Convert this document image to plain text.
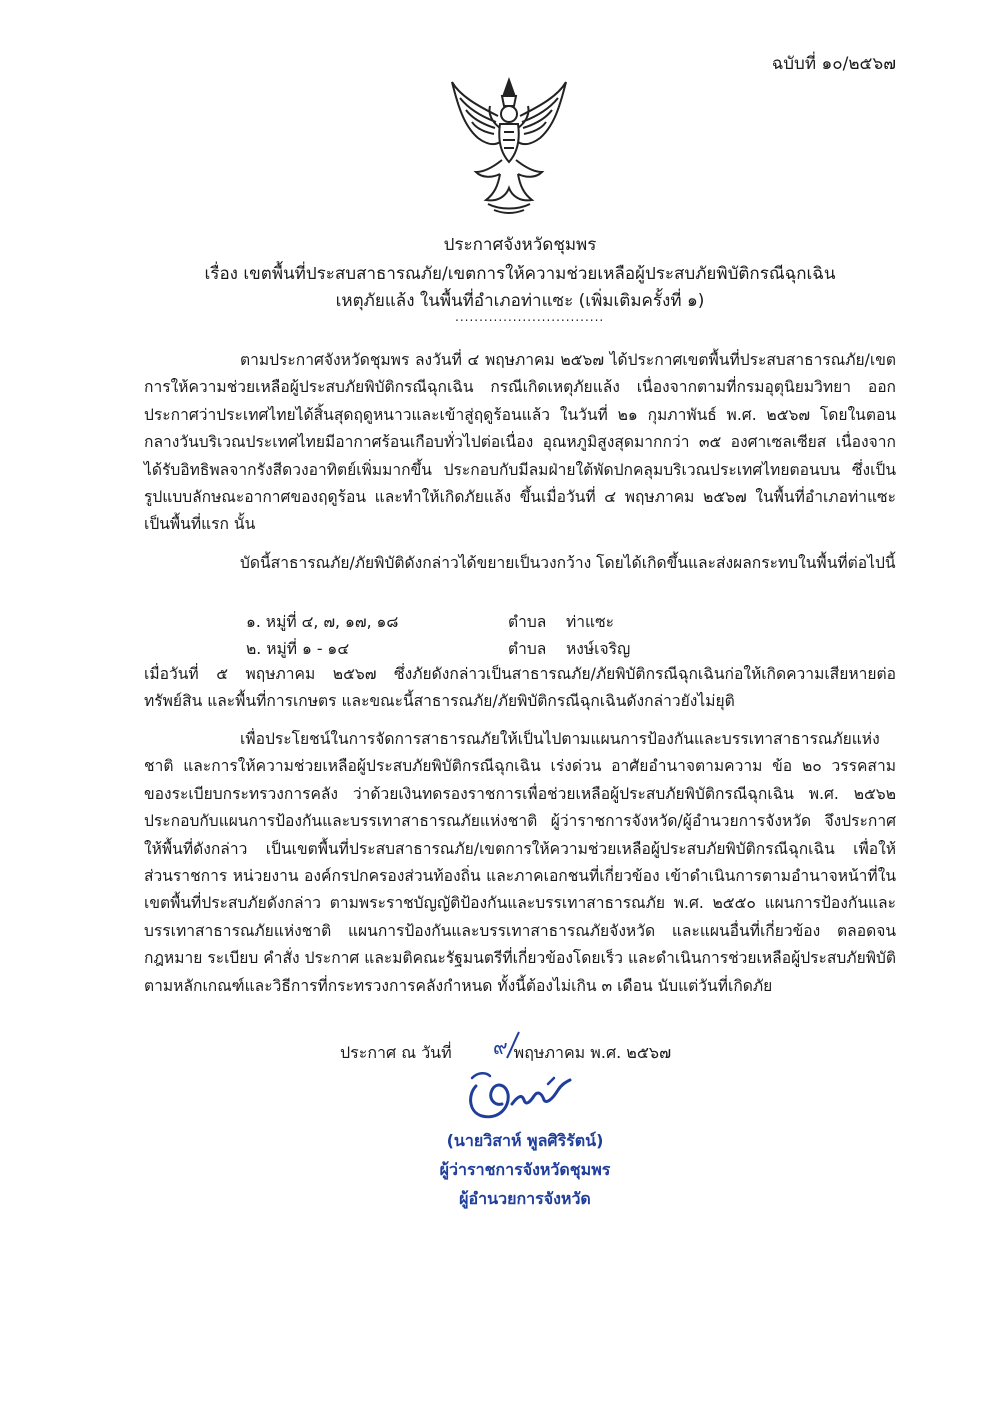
ฉบับที่ ๑๐/๒๕๖๗
ประกาศจังหวัดชุมพร
เรื่อง เขตพื้นที่ประสบสาธารณภัย/เขตการให้ความช่วยเหลือผู้ประสบภัยพิบัติกรณีฉุกเฉิน
เหตุภัยแล้ง ในพื้นที่อำเภอท่าแซะ (เพิ่มเติมครั้งที่ ๑)
...............................
ตามประกาศจังหวัดชุมพร ลงวันที่ ๔ พฤษภาคม ๒๕๖๗ ได้ประกาศเขตพื้นที่ประสบสาธารณภัย/เขตการให้ความช่วยเหลือผู้ประสบภัยพิบัติกรณีฉุกเฉิน กรณีเกิดเหตุภัยแล้ง เนื่องจากตามที่กรมอุตุนิยมวิทยา ออกประกาศว่าประเทศไทยได้สิ้นสุดฤดูหนาวและเข้าสู่ฤดูร้อนแล้ว ในวันที่ ๒๑ กุมภาพันธ์ พ.ศ. ๒๕๖๗ โดยในตอนกลางวันบริเวณประเทศไทยมีอากาศร้อนเกือบทั่วไปต่อเนื่อง อุณหภูมิสูงสุดมากกว่า ๓๕ องศาเซลเซียส เนื่องจากได้รับอิทธิพลจากรังสีดวงอาทิตย์เพิ่มมากขึ้น ประกอบกับมีลมฝ่ายใต้พัดปกคลุมบริเวณประเทศไทยตอนบน ซึ่งเป็นรูปแบบลักษณะอากาศของฤดูร้อน และทำให้เกิดภัยแล้ง ขึ้นเมื่อวันที่ ๔ พฤษภาคม ๒๕๖๗ ในพื้นที่อำเภอท่าแซะ เป็นพื้นที่แรก นั้น
บัดนี้สาธารณภัย/ภัยพิบัติดังกล่าวได้ขยายเป็นวงกว้าง โดยได้เกิดขึ้นและส่งผลกระทบในพื้นที่ต่อไปนี้
๑. หมู่ที่ ๔, ๗, ๑๗, ๑๘	ตำบล ท่าแซะ
๒. หมู่ที่ ๑ - ๑๔	ตำบล หงษ์เจริญ
เมื่อวันที่ ๕ พฤษภาคม ๒๕๖๗ ซึ่งภัยดังกล่าวเป็นสาธารณภัย/ภัยพิบัติกรณีฉุกเฉินก่อให้เกิดความเสียหายต่อทรัพย์สิน และพื้นที่การเกษตร และขณะนี้สาธารณภัย/ภัยพิบัติกรณีฉุกเฉินดังกล่าวยังไม่ยุติ
เพื่อประโยชน์ในการจัดการสาธารณภัยให้เป็นไปตามแผนการป้องกันและบรรเทาสาธารณภัยแห่งชาติ และการให้ความช่วยเหลือผู้ประสบภัยพิบัติกรณีฉุกเฉิน เร่งด่วน อาศัยอำนาจตามความ ข้อ ๒๐ วรรคสาม ของระเบียบกระทรวงการคลัง ว่าด้วยเงินทดรองราชการเพื่อช่วยเหลือผู้ประสบภัยพิบัติกรณีฉุกเฉิน พ.ศ. ๒๕๖๒ ประกอบกับแผนการป้องกันและบรรเทาสาธารณภัยแห่งชาติ ผู้ว่าราชการจังหวัด/ผู้อำนวยการจังหวัด จึงประกาศให้พื้นที่ดังกล่าว เป็นเขตพื้นที่ประสบสาธารณภัย/เขตการให้ความช่วยเหลือผู้ประสบภัยพิบัติกรณีฉุกเฉิน เพื่อให้ส่วนราชการ หน่วยงาน องค์กรปกครองส่วนท้องถิ่น และภาคเอกชนที่เกี่ยวข้อง เข้าดำเนินการตามอำนาจหน้าที่ในเขตพื้นที่ประสบภัยดังกล่าว ตามพระราชบัญญัติป้องกันและบรรเทาสาธารณภัย พ.ศ. ๒๕๕๐ แผนการป้องกันและบรรเทาสาธารณภัยแห่งชาติ แผนการป้องกันและบรรเทาสาธารณภัยจังหวัด และแผนอื่นที่เกี่ยวข้อง ตลอดจนกฎหมาย ระเบียบ คำสั่ง ประกาศ และมติคณะรัฐมนตรีที่เกี่ยวข้องโดยเร็ว และดำเนินการช่วยเหลือผู้ประสบภัยพิบัติตามหลักเกณฑ์และวิธีการที่กระทรวงการคลังกำหนด ทั้งนี้ต้องไม่เกิน ๓ เดือน นับแต่วันที่เกิดภัย
ประกาศ ณ วันที่	พฤษภาคม พ.ศ. ๒๕๖๗
๙
(นายวิสาห์ พูลศิริรัตน์)
ผู้ว่าราชการจังหวัดชุมพร
ผู้อำนวยการจังหวัด
